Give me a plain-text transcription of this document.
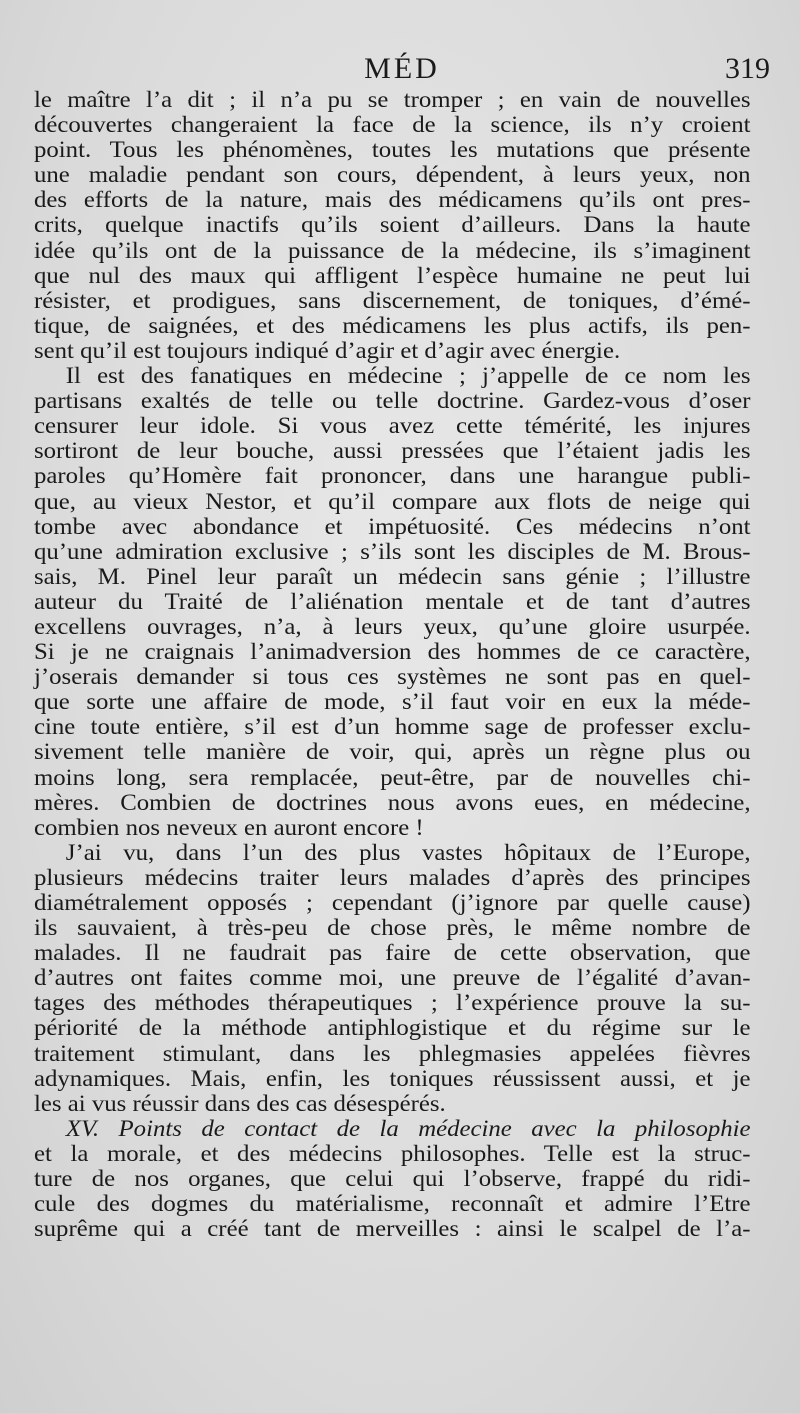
MÉD	319
le maître l’a dit ; il n’a pu se tromper ; en vain de nouvelles
découvertes changeraient la face de la science, ils n’y croient
point. Tous les phénomènes, toutes les mutations que présente
une maladie pendant son cours, dépendent, à leurs yeux, non
des efforts de la nature, mais des médicamens qu’ils ont pres-
crits, quelque inactifs qu’ils soient d’ailleurs. Dans la haute
idée qu’ils ont de la puissance de la médecine, ils s’imaginent
que nul des maux qui affligent l’espèce humaine ne peut lui
résister, et prodigues, sans discernement, de toniques, d’émé-
tique, de saignées, et des médicamens les plus actifs, ils pen-
sent qu’il est toujours indiqué d’agir et d’agir avec énergie.
Il est des fanatiques en médecine ; j’appelle de ce nom les
partisans exaltés de telle ou telle doctrine. Gardez-vous d’oser
censurer leur idole. Si vous avez cette témérité, les injures
sortiront de leur bouche, aussi pressées que l’étaient jadis les
paroles qu’Homère fait prononcer, dans une harangue publi-
que, au vieux Nestor, et qu’il compare aux flots de neige qui
tombe avec abondance et impétuosité. Ces médecins n’ont
qu’une admiration exclusive ; s’ils sont les disciples de M. Brous-
sais, M. Pinel leur paraît un médecin sans génie ; l’illustre
auteur du Traité de l’aliénation mentale et de tant d’autres
excellens ouvrages, n’a, à leurs yeux, qu’une gloire usurpée.
Si je ne craignais l’animadversion des hommes de ce caractère,
j’oserais demander si tous ces systèmes ne sont pas en quel-
que sorte une affaire de mode, s’il faut voir en eux la méde-
cine toute entière, s’il est d’un homme sage de professer exclu-
sivement telle manière de voir, qui, après un règne plus ou
moins long, sera remplacée, peut-être, par de nouvelles chi-
mères. Combien de doctrines nous avons eues, en médecine,
combien nos neveux en auront encore !
J’ai vu, dans l’un des plus vastes hôpitaux de l’Europe,
plusieurs médecins traiter leurs malades d’après des principes
diamétralement opposés ; cependant (j’ignore par quelle cause)
ils sauvaient, à très-peu de chose près, le même nombre de
malades. Il ne faudrait pas faire de cette observation, que
d’autres ont faites comme moi, une preuve de l’égalité d’avan-
tages des méthodes thérapeutiques ; l’expérience prouve la su-
périorité de la méthode antiphlogistique et du régime sur le
traitement stimulant, dans les phlegmasies appelées fièvres
adynamiques. Mais, enfin, les toniques réussissent aussi, et je
les ai vus réussir dans des cas désespérés.
XV. Points de contact de la médecine avec la philosophie
et la morale, et des médecins philosophes. Telle est la struc-
ture de nos organes, que celui qui l’observe, frappé du ridi-
cule des dogmes du matérialisme, reconnaît et admire l’Etre
suprême qui a créé tant de merveilles : ainsi le scalpel de l’a-
